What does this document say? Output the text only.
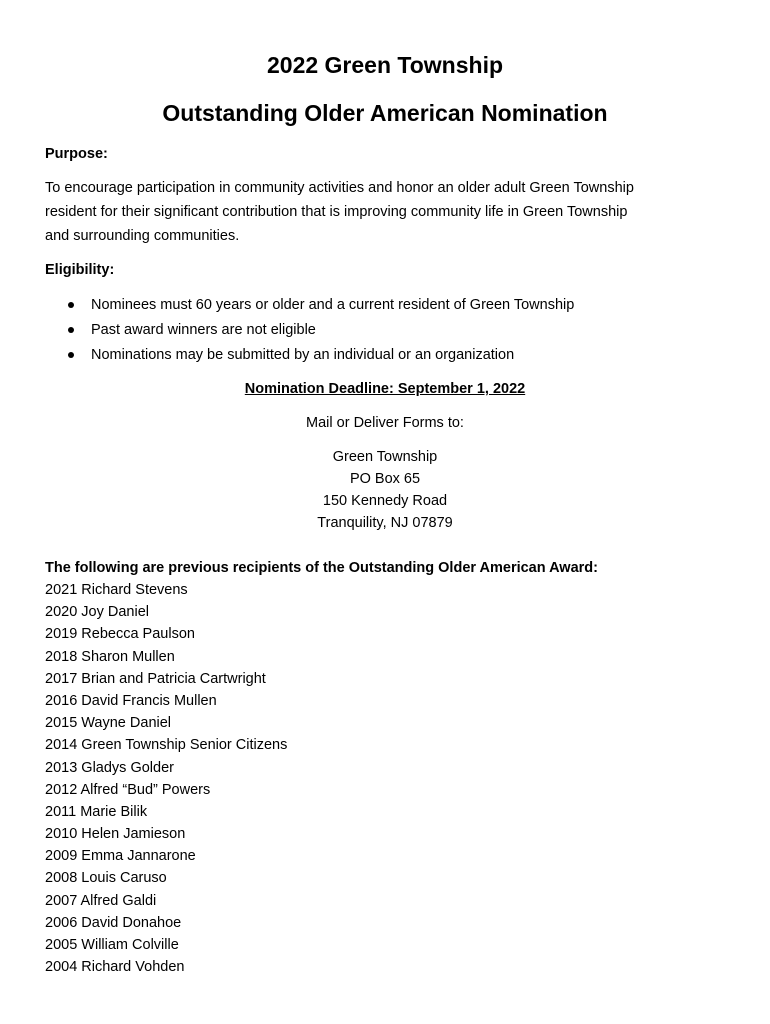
2022 Green Township
Outstanding Older American Nomination

Purpose:

To encourage participation in community activities and honor an older adult Green Township
resident for their significant contribution that is improving community life in Green Township
and surrounding communities.

Eligibility:

Nominees must 60 years or older and a current resident of Green Township
Past award winners are not eligible
Nominations may be submitted by an individual or an organization

Nomination Deadline: September 1, 2022

Mail or Deliver Forms to:

Green Township
PO Box 65
150 Kennedy Road
Tranquility, NJ 07879

The following are previous recipients of the Outstanding Older American Award:

2021 Richard Stevens
2020 Joy Daniel
2019 Rebecca Paulson
2018 Sharon Mullen
2017 Brian and Patricia Cartwright
2016 David Francis Mullen
2015 Wayne Daniel
2014 Green Township Senior Citizens
2013 Gladys Golder
2012 Alfred “Bud” Powers
2011 Marie Bilik
2010 Helen Jamieson
2009 Emma Jannarone
2008 Louis Caruso
2007 Alfred Galdi
2006 David Donahoe
2005 William Colville
2004 Richard Vohden
